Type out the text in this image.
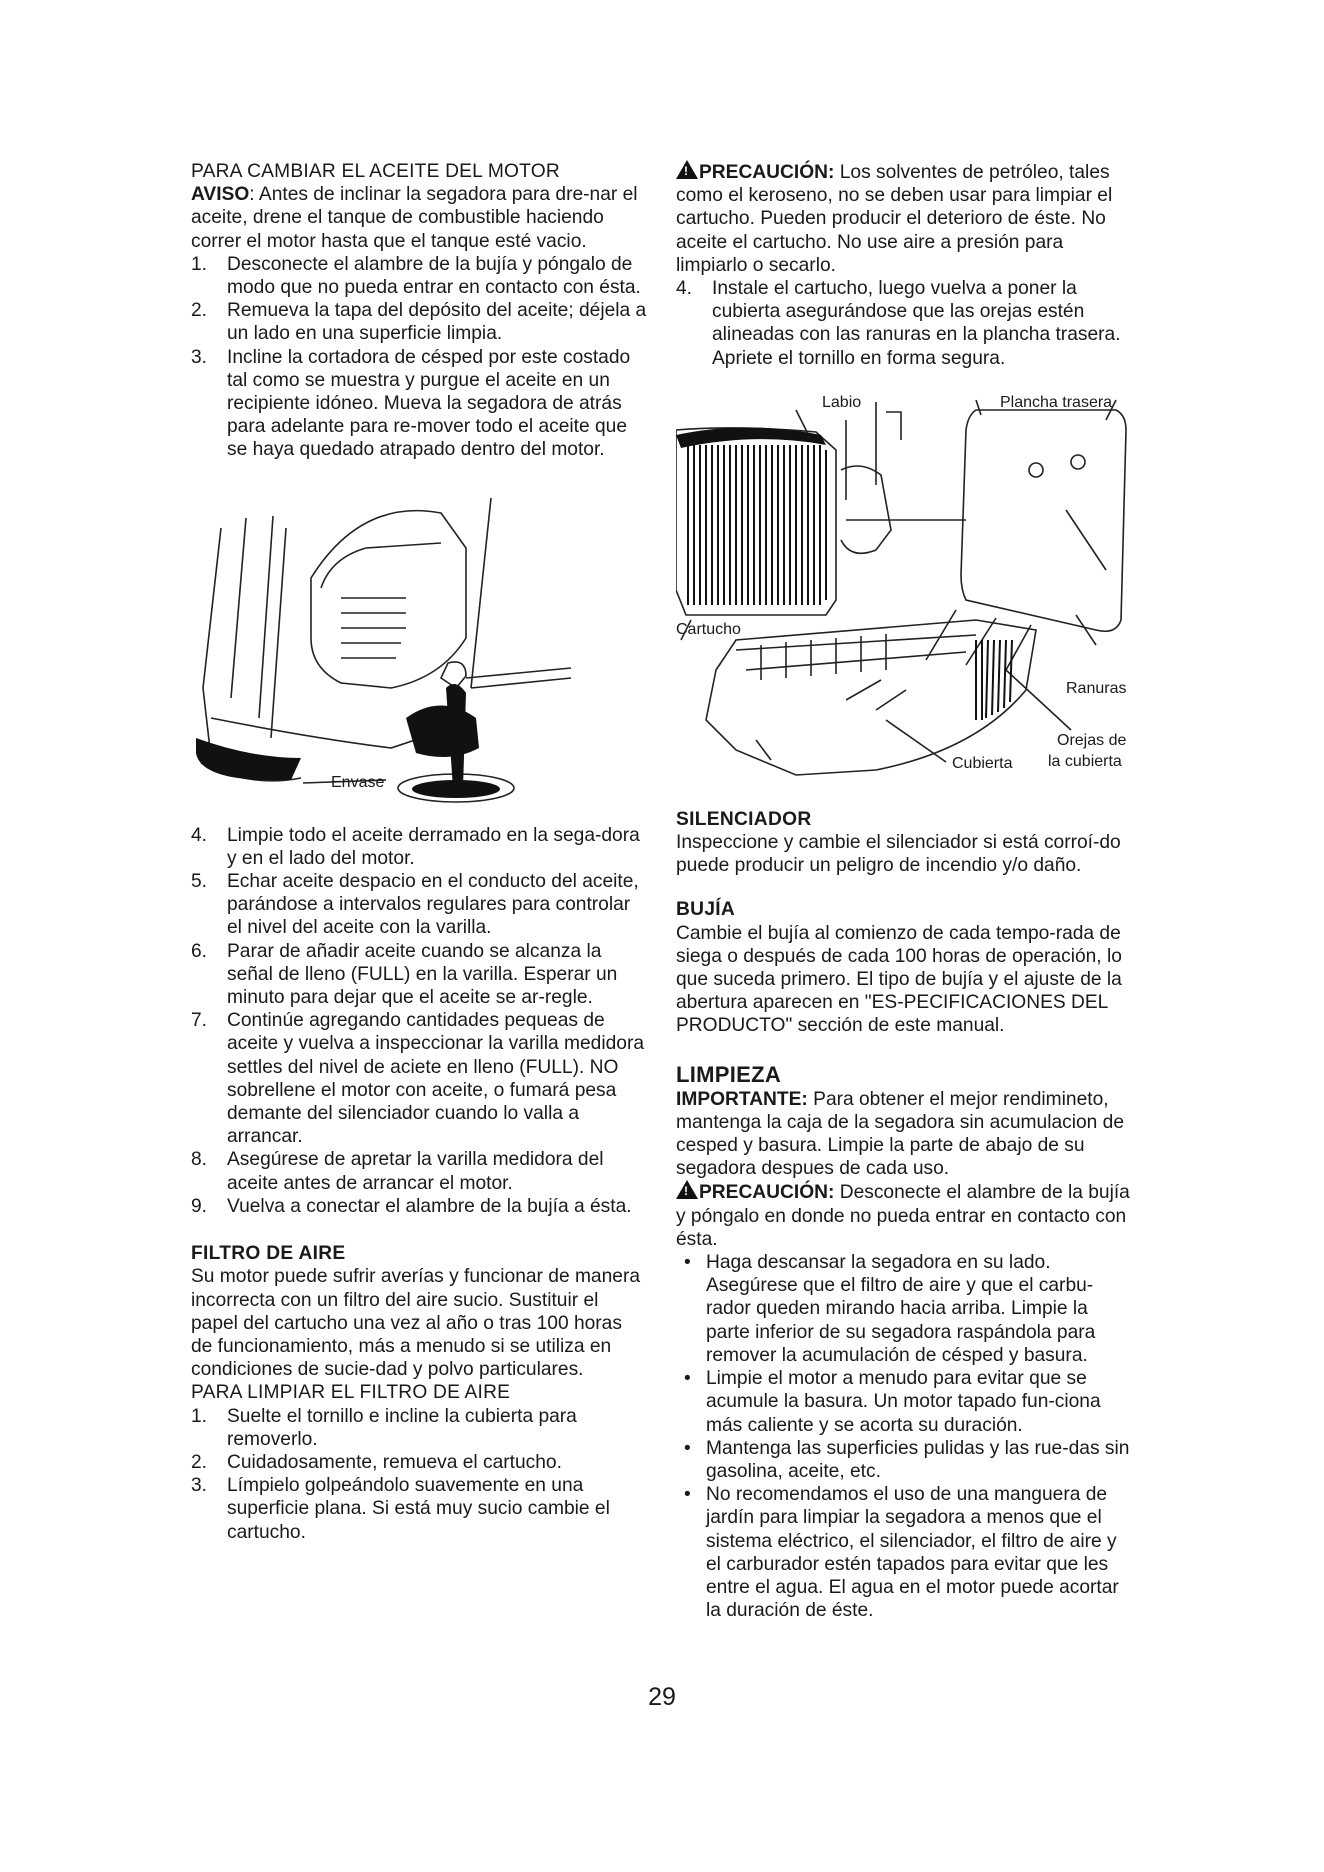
PARA CAMBIAR EL ACEITE DEL MOTOR

AVISO: Antes de inclinar la segadora para dre-nar el aceite, drene el tanque de combustible haciendo correr el motor hasta que el tanque esté vacio.

1. Desconecte el alambre de la bujía y póngalo de modo que no pueda entrar en contacto con ésta.
2. Remueva la tapa del depósito del aceite; déjela a un lado en una superficie limpia.
3. Incline la cortadora de césped por este costado tal como se muestra y purgue el aceite en un recipiente idóneo. Mueva la segadora de atrás para adelante para re-mover todo el aceite que se haya quedado atrapado dentro del motor.
Envase
4. Limpie todo el aceite derramado en la sega-dora y en el lado del motor.
5. Echar aceite despacio en el conducto del aceite, parándose a intervalos regulares para controlar el nivel del aceite con la varilla.
6. Parar de añadir aceite cuando se alcanza la señal de lleno (FULL) en la varilla. Esperar un minuto para dejar que el aceite se ar-regle.
7. Continúe agregando cantidades pequeas de aceite y vuelva a inspeccionar la varilla medidora settles del nivel de aciete en lleno (FULL). NO sobrellene el motor con aceite, o fumará pesa demante del silenciador cuando lo valla a arrancar.
8. Asegúrese de apretar la varilla medidora del aceite antes de arrancar el motor.
9. Vuelva a conectar el alambre de la bujía a ésta.
FILTRO DE AIRE

Su motor puede sufrir averías y funcionar de manera incorrecta con un filtro del aire sucio. Sustituir el papel del cartucho una vez al año o tras 100 horas de funcionamiento, más a menudo si se utiliza en condiciones de sucie-dad y polvo particulares.

PARA LIMPIAR EL FILTRO DE AIRE

1. Suelte el tornillo e incline la cubierta para removerlo.
2. Cuidadosamente, remueva el cartucho.
3. Límpielo golpeándolo suavemente en una superficie plana. Si está muy sucio cambie el cartucho.

!PRECAUCIÓN: Los solventes de petróleo, tales como el keroseno, no se deben usar para limpiar el cartucho. Pueden producir el deterioro de éste. No aceite el cartucho. No use aire a presión para limpiarlo o secarlo.

4. Instale el cartucho, luego vuelva a poner la cubierta asegurándose que las orejas estén alineadas con las ranuras en la plancha trasera. Apriete el tornillo en forma segura.
Labio	Plancha trasera
Cartucho
Ranuras
Orejas de
la cubierta
Cubierta
SILENCIADOR

Inspeccione y cambie el silenciador si está corroí-do puede producir un peligro de incendio y/o daño.

BUJÍA

Cambie el bujía al comienzo de cada tempo-rada de siega o después de cada 100 horas de operación, lo que suceda primero. El tipo de bujía y el ajuste de la abertura aparecen en "ES-PECIFICACIONES DEL PRODUCTO" sección de este manual.

LIMPIEZA

IMPORTANTE: Para obtener el mejor rendimineto, mantenga la caja de la segadora sin acumulacion de cesped y basura. Limpie la parte de abajo de su segadora despues de cada uso.

!PRECAUCIÓN: Desconecte el alambre de la bujía y póngalo en donde no pueda entrar en contacto con ésta.

• Haga descansar la segadora en su lado. Asegúrese que el filtro de aire y que el carbu-rador queden mirando hacia arriba. Limpie la parte inferior de su segadora raspándola para remover la acumulación de césped y basura.
• Limpie el motor a menudo para evitar que se acumule la basura. Un motor tapado fun-ciona más caliente y se acorta su duración.
• Mantenga las superficies pulidas y las rue-das sin gasolina, aceite, etc.
• No recomendamos el uso de una manguera de jardín para limpiar la segadora a menos que el sistema eléctrico, el silenciador, el filtro de aire y el carburador estén tapados para evitar que les entre el agua. El agua en el motor puede acortar la duración de éste.
29
